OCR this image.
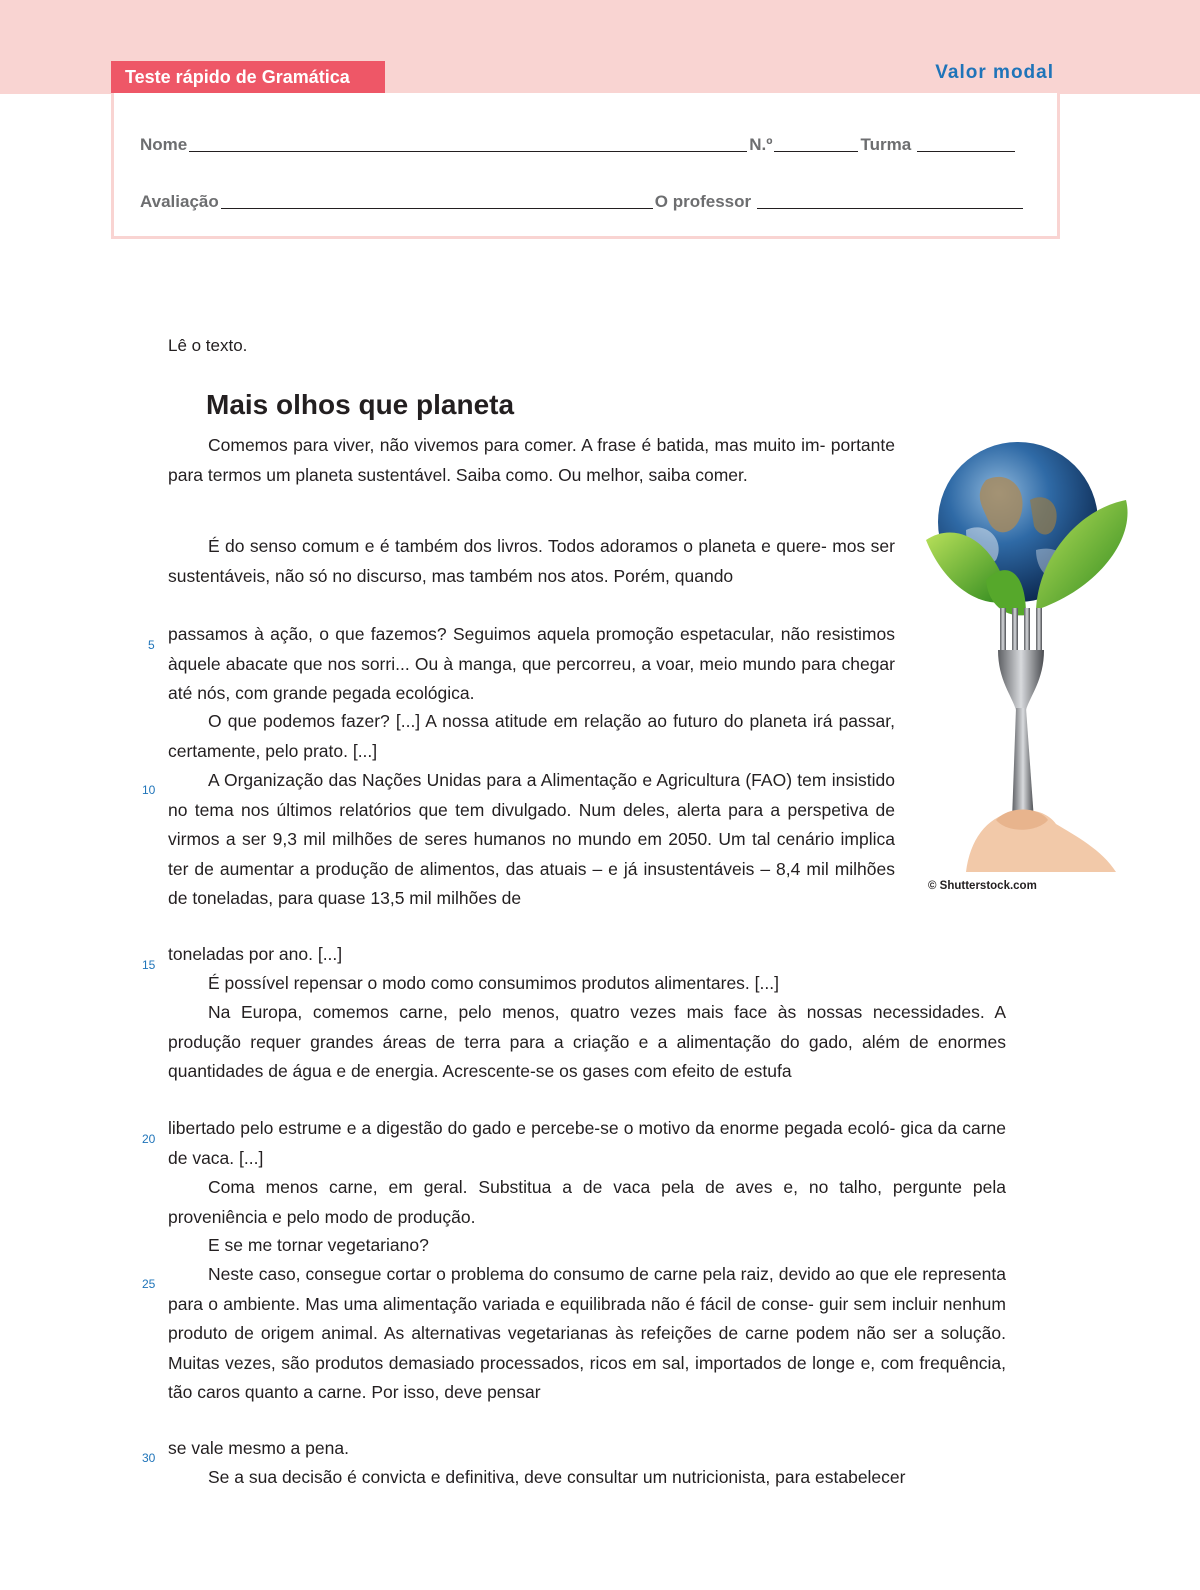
Teste rápido de Gramática	Valor modal
Nome	N.º	Turma
Avaliação	O professor
Lê o texto.
Mais olhos que planeta

Comemos para viver, não vivemos para comer. A frase é batida, mas muito im- portante para termos um planeta sustentável. Saiba como. Ou melhor, saiba comer.

É do senso comum e é também dos livros. Todos adoramos o planeta e quere- mos ser sustentáveis, não só no discurso, mas também nos atos. Porém, quando

passamos à ação, o que fazemos? Seguimos aquela promoção espetacular, não resistimos àquele abacate que nos sorri... Ou à manga, que percorreu, a voar, meio mundo para chegar até nós, com grande pegada ecológica.

O que podemos fazer? [...] A nossa atitude em relação ao futuro do planeta irá passar, certamente, pelo prato. [...]

A Organização das Nações Unidas para a Alimentação e Agricultura (FAO) tem insistido no tema nos últimos relatórios que tem divulgado. Num deles, alerta para a perspetiva de virmos a ser 9,3 mil milhões de seres humanos no mundo em 2050. Um tal cenário implica ter de aumentar a produção de alimentos, das atuais – e já insustentáveis – 8,4 mil milhões de toneladas, para quase 13,5 mil milhões de

toneladas por ano. [...]

É possível repensar o modo como consumimos produtos alimentares. [...]

Na Europa, comemos carne, pelo menos, quatro vezes mais face às nossas necessidades. A produção requer grandes áreas de terra para a criação e a alimentação do gado, além de enormes quantidades de água e de energia. Acrescente-se os gases com efeito de estufa

libertado pelo estrume e a digestão do gado e percebe-se o motivo da enorme pegada ecoló- gica da carne de vaca. [...]

Coma menos carne, em geral. Substitua a de vaca pela de aves e, no talho, pergunte pela proveniência e pelo modo de produção.

E se me tornar vegetariano?

Neste caso, consegue cortar o problema do consumo de carne pela raiz, devido ao que ele representa para o ambiente. Mas uma alimentação variada e equilibrada não é fácil de conse- guir sem incluir nenhum produto de origem animal. As alternativas vegetarianas às refeições de carne podem não ser a solução. Muitas vezes, são produtos demasiado processados, ricos em sal, importados de longe e, com frequência, tão caros quanto a carne. Por isso, deve pensar

se vale mesmo a pena.

Se a sua decisão é convicta e definitiva, deve consultar um nutricionista, para estabelecer

5
10
15
20
25
30
© Shutterstock.com
